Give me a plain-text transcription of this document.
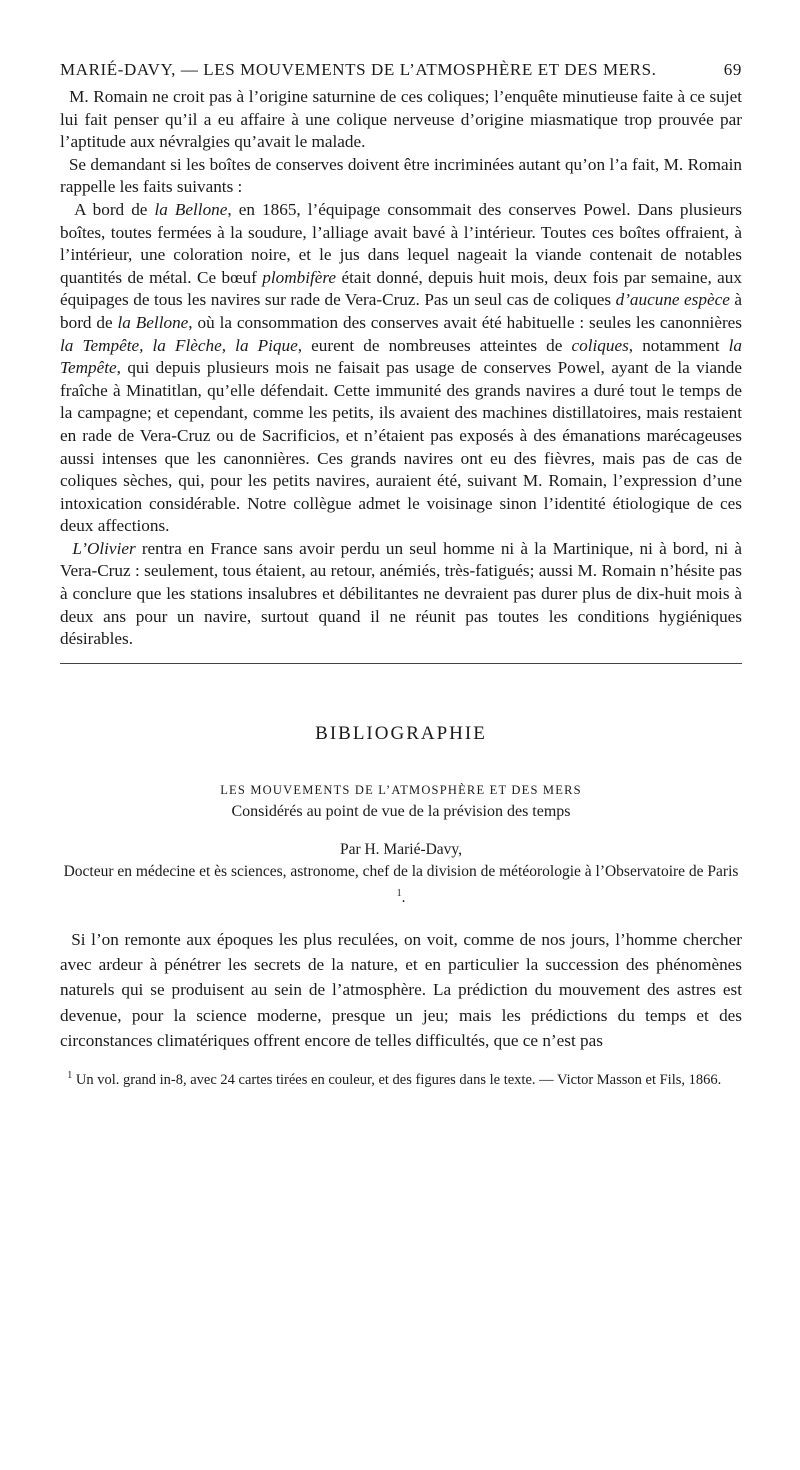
MARIÉ-DAVY, — LES MOUVEMENTS DE L’ATMOSPHÈRE ET DES MERS.	69

M. Romain ne croit pas à l’origine saturnine de ces coliques; l’enquête minutieuse faite à ce sujet lui fait penser qu’il a eu affaire à une colique nerveuse d’origine miasmatique trop prouvée par l’aptitude aux névralgies qu’avait le malade.

Se demandant si les boîtes de conserves doivent être incriminées autant qu’on l’a fait, M. Romain rappelle les faits suivants :

A bord de la Bellone, en 1865, l’équipage consommait des conserves Powel. Dans plusieurs boîtes, toutes fermées à la soudure, l’alliage avait bavé à l’intérieur. Toutes ces boîtes offraient, à l’intérieur, une coloration noire, et le jus dans lequel nageait la viande contenait de notables quantités de métal. Ce bœuf plombifère était donné, depuis huit mois, deux fois par semaine, aux équipages de tous les navires sur rade de Vera-Cruz. Pas un seul cas de coliques d’aucune espèce à bord de la Bellone, où la consommation des conserves avait été habituelle : seules les canonnières la Tempête, la Flèche, la Pique, eurent de nombreuses atteintes de coliques, notamment la Tempête, qui depuis plusieurs mois ne faisait pas usage de conserves Powel, ayant de la viande fraîche à Minatitlan, qu’elle défendait. Cette immunité des grands navires a duré tout le temps de la campagne; et cependant, comme les petits, ils avaient des machines distillatoires, mais restaient en rade de Vera-Cruz ou de Sacrificios, et n’étaient pas exposés à des émanations marécageuses aussi intenses que les canonnières. Ces grands navires ont eu des fièvres, mais pas de cas de coliques sèches, qui, pour les petits navires, auraient été, suivant M. Romain, l’expression d’une intoxication considérable. Notre collègue admet le voisinage sinon l’identité étiologique de ces deux affections.

L’Olivier rentra en France sans avoir perdu un seul homme ni à la Martinique, ni à bord, ni à Vera-Cruz : seulement, tous étaient, au retour, anémiés, très-fatigués; aussi M. Romain n’hésite pas à conclure que les stations insalubres et débilitantes ne devraient pas durer plus de dix-huit mois à deux ans pour un navire, surtout quand il ne réunit pas toutes les conditions hygiéniques désirables.

BIBLIOGRAPHIE
LES MOUVEMENTS DE L’ATMOSPHÈRE ET DES MERS
Considérés au point de vue de la prévision des temps
Par H. Marié-Davy,
Docteur en médecine et ès sciences, astronome, chef de la division de météorologie à l’Observatoire de Paris $^1$.
Si l’on remonte aux époques les plus reculées, on voit, comme de nos jours, l’homme chercher avec ardeur à pénétrer les secrets de la nature, et en particulier la succession des phénomènes naturels qui se produisent au sein de l’atmosphère. La prédiction du mouvement des astres est devenue, pour la science moderne, presque un jeu; mais les prédictions du temps et des circonstances climatériques offrent encore de telles difficultés, que ce n’est pas
$^1$ Un vol. grand in-8, avec 24 cartes tirées en couleur, et des figures dans le texte. — Victor Masson et Fils, 1866.
